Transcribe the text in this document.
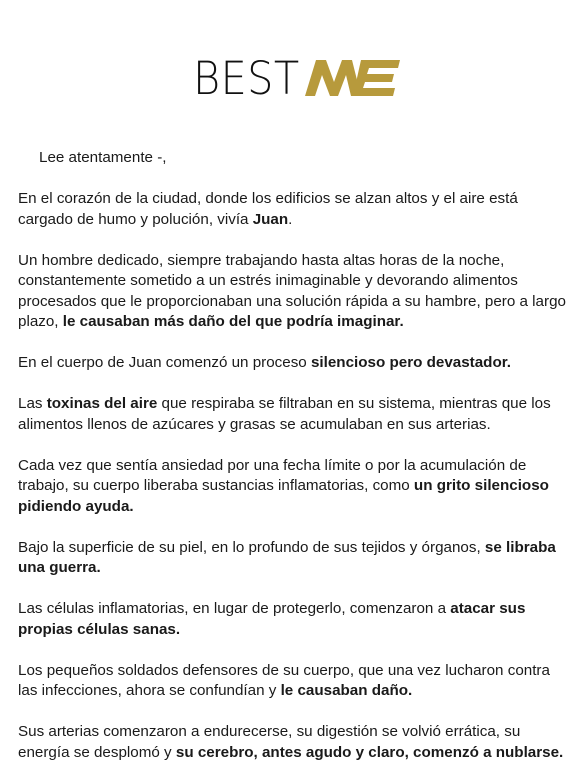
BEST

Lee atentamente -,

En el corazón de la ciudad, donde los edificios se alzan altos y el aire está cargado de humo y polución, vivía Juan.

Un hombre dedicado, siempre trabajando hasta altas horas de la noche, constantemente sometido a un estrés inimaginable y devorando alimentos procesados que le proporcionaban una solución rápida a su hambre, pero a largo plazo, le causaban más daño del que podría imaginar.

En el cuerpo de Juan comenzó un proceso silencioso pero devastador.

Las toxinas del aire que respiraba se filtraban en su sistema, mientras que los alimentos llenos de azúcares y grasas se acumulaban en sus arterias.

Cada vez que sentía ansiedad por una fecha límite o por la acumulación de trabajo, su cuerpo liberaba sustancias inflamatorias, como un grito silencioso pidiendo ayuda.

Bajo la superficie de su piel, en lo profundo de sus tejidos y órganos, se libraba una guerra.

Las células inflamatorias, en lugar de protegerlo, comenzaron a atacar sus propias células sanas.

Los pequeños soldados defensores de su cuerpo, que una vez lucharon contra las infecciones, ahora se confundían y le causaban daño.

Sus arterias comenzaron a endurecerse, su digestión se volvió errática, su energía se desplomó y su cerebro, antes agudo y claro, comenzó a nublarse.
